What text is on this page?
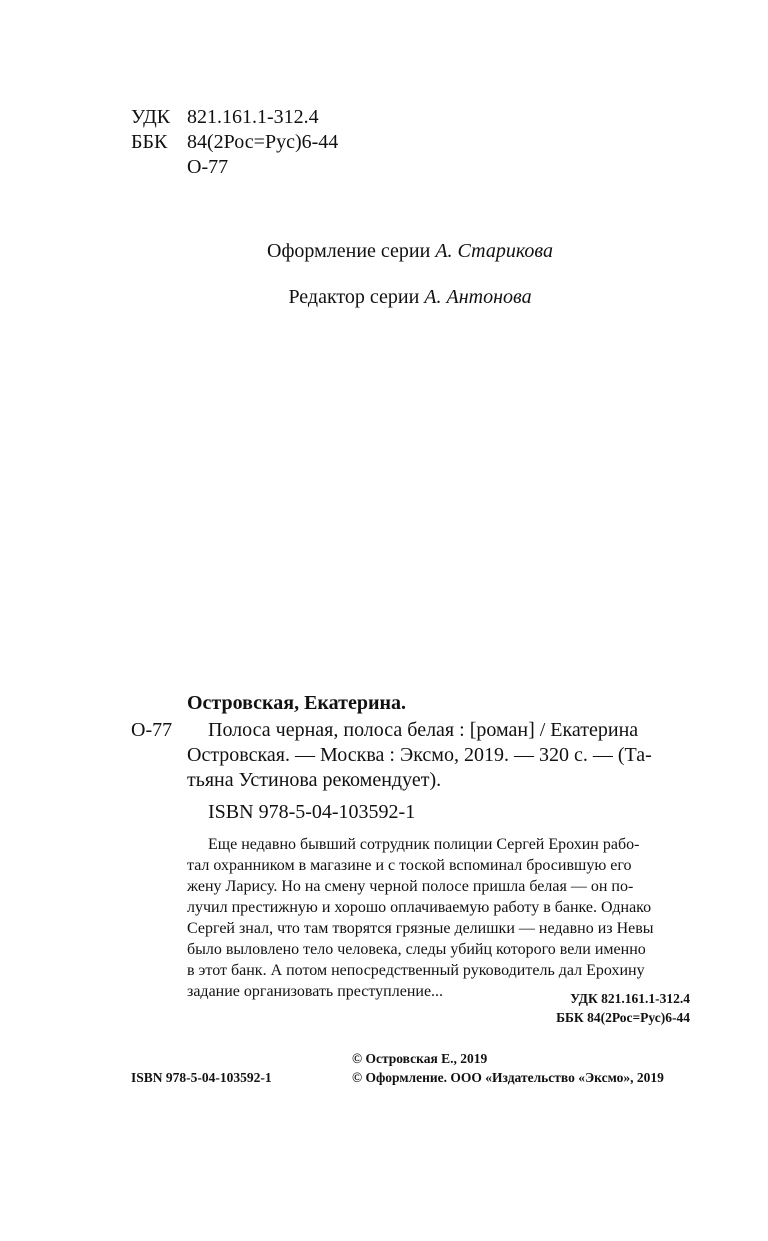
УДК 821.161.1-312.4
ББК 84(2Рос=Рус)6-44
О-77
Оформление серии А. Старикова
Редактор серии А. Антонова
Островская, Екатерина.
О-77 Полоса черная, полоса белая : [роман] / Екатерина
Островская. — Москва : Эксмо, 2019. — 320 с. — (Та-
тьяна Устинова рекомендует).
ISBN 978-5-04-103592-1
Еще недавно бывший сотрудник полиции Сергей Ерохин рабо-
тал охранником в магазине и с тоской вспоминал бросившую его
жену Ларису. Но на смену черной полосе пришла белая — он по-
лучил престижную и хорошо оплачиваемую работу в банке. Однако
Сергей знал, что там творятся грязные делишки — недавно из Невы
было выловлено тело человека, следы убийц которого вели именно
в этот банк. А потом непосредственный руководитель дал Ерохину
задание организовать преступление...	УДК 821.161.1-312.4
ББК 84(2Рос=Рус)6-44
© Островская Е., 2019
ISBN 978-5-04-103592-1	© Оформление. ООО «Издательство «Эксмо», 2019
